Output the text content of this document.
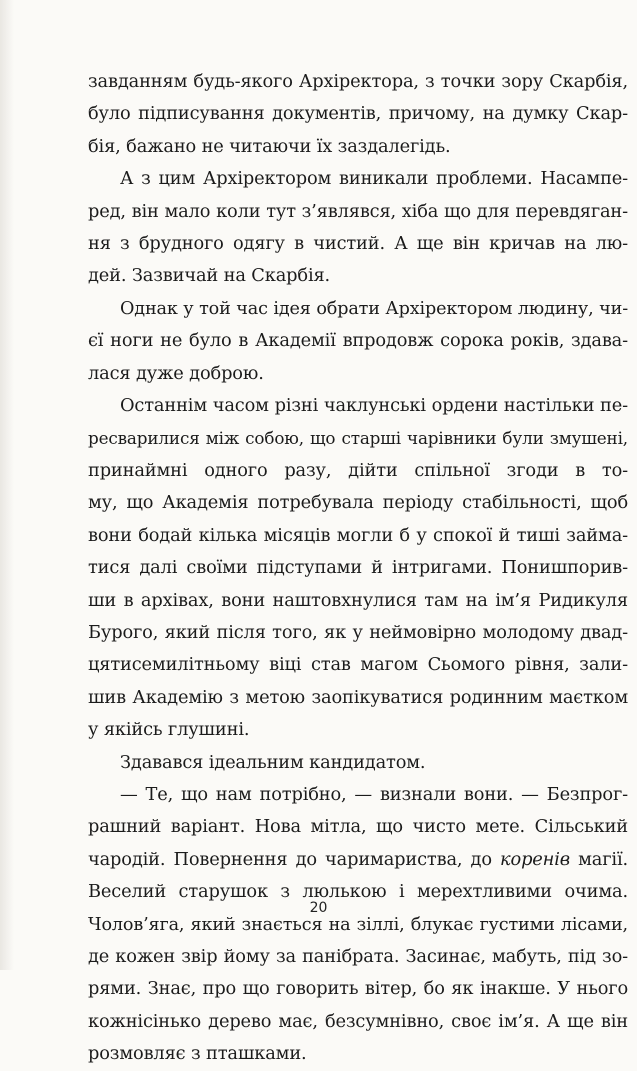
завданням будь-якого Архіректора, з точки зору Скарбія,
було підписування документів, причому, на думку Скар-
бія, бажано не читаючи їх заздалегідь.
А з цим Архіректором виникали проблеми. Насампе-
ред, він мало коли тут з’являвся, хіба що для перевдяган-
ня з брудного одягу в чистий. А ще він кричав на лю-
дей. Зазвичай на Скарбія.
Однак у той час ідея обрати Архіректором людину, чи-
єї ноги не було в Академії впродовж сорока років, здава-
лася дуже доброю.
Останнім часом різні чаклунські ордени настільки пе-
ресварилися між собою, що старші чарівники були змушені,
принаймні одного разу, дійти спільної згоди в то-
му, що Академія потребувала періоду стабільності, щоб
вони бодай кілька місяців могли б у спокої й тиші займа-
тися далі своїми підступами й інтригами. Понишпорив-
ши в архівах, вони наштовхнулися там на ім’я Ридикуля
Бурого, який після того, як у неймовірно молодому двад-
цятисемилітньому віці став магом Сьомого рівня, зали-
шив Академію з метою заопікуватися родинним маєтком
у якійсь глушині.
Здавався ідеальним кандидатом.
— Те, що нам потрібно, — визнали вони. — Безпрог-
рашний варіант. Нова мітла, що чисто мете. Сільський
чародій. Повернення до чаримариства, до коренів магії.
Веселий старушок з люлькою і мерехтливими очима.
Чолов’яга, який знається на зіллі, блукає густими лісами,
де кожен звір йому за панібрата. Засинає, мабуть, під зо-
рями. Знає, про що говорить вітер, бо як інакше. У нього
кожнісінько дерево має, безсумнівно, своє ім’я. А ще він
розмовляє з пташками.
20
